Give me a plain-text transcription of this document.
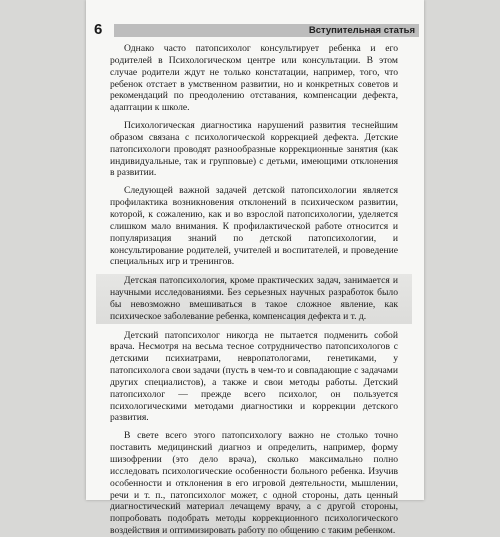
6	Вступительная статья

Однако часто патопсихолог консультирует ребенка и его родителей в Психологическом центре или консультации. В этом случае родители ждут не только констатации, например, того, что ребенок отстает в умственном развитии, но и конкретных советов и рекомендаций по преодолению отставания, компенсации дефекта, адаптации к школе.

Психологическая диагностика нарушений развития теснейшим образом связана с психологической коррекцией дефекта. Детские патопсихологи проводят разнообразные коррекционные занятия (как индивидуальные, так и групповые) с детьми, имеющими отклонения в развитии.

Следующей важной задачей детской патопсихологии является профилактика возникновения отклонений в психическом развитии, которой, к сожалению, как и во взрослой патопсихологии, уделяется слишком мало внимания. К профилактической работе относится и популяризация знаний по детской патопсихологии, и консультирование родителей, учителей и воспитателей, и проведение специальных игр и тренингов.

Детская патопсихология, кроме практических задач, занимается и научными исследованиями. Без серьезных научных разработок было бы невозможно вмешиваться в такое сложное явление, как психическое заболевание ребенка, компенсация дефекта и т. д.

Детский патопсихолог никогда не пытается подменить собой врача. Несмотря на весьма тесное сотрудничество патопсихологов с детскими психиатрами, невропатологами, генетиками, у патопсихолога свои задачи (пусть в чем-то и совпадающие с задачами других специалистов), а также и свои методы работы. Детский патопсихолог — прежде всего психолог, он пользуется психологическими методами диагностики и коррекции детского развития.

В свете всего этого патопсихологу важно не столько точно поставить медицинский диагноз и определить, например, форму шизофрении (это дело врача), сколько максимально полно исследовать психологические особенности больного ребенка. Изучив особенности и отклонения в его игровой деятельности, мышлении, речи и т. п., патопсихолог может, с одной стороны, дать ценный диагностический материал лечащему врачу, а с другой стороны, попробовать подобрать методы коррекционного психологического воздействия и оптимизировать работу по общению с таким ребенком.
